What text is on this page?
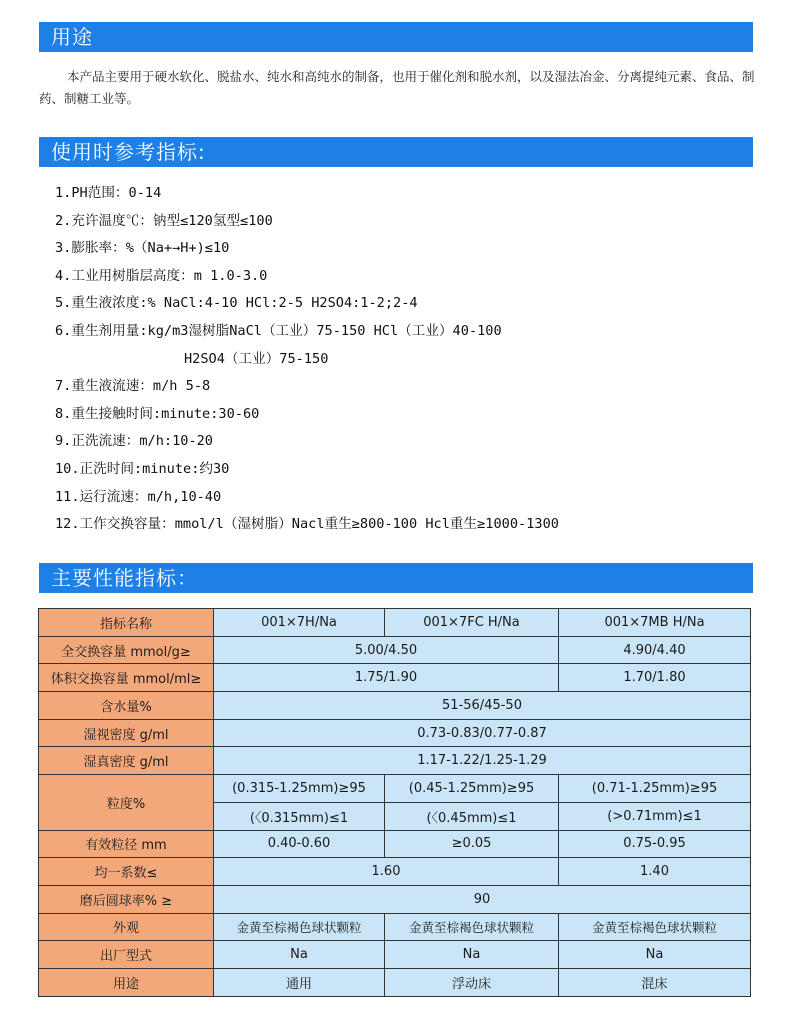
用途

本产品主要用于硬水软化、脱盐水、纯水和高纯水的制备，也用于催化剂和脱水剂，以及湿法冶金、分离提纯元素、食品、制药、制糖工业等。

使用时参考指标:
1.PH范围：0-14
2.充许温度℃：钠型≤120氢型≤100
3.膨胀率：%（Na+→H+)≤10
4.工业用树脂层高度：m 1.0-3.0
5.重生液浓度:% NaCl:4-10 HCl:2-5 H2SO4:1-2;2-4
6.重生剂用量:kg/m3湿树脂NaCl（工业）75-150 HCl（工业）40-100
H2SO4（工业）75-150
7.重生液流速：m/h 5-8
8.重生接触时间:minute:30-60
9.正洗流速：m/h:10-20
10.正洗时间:minute:约30
11.运行流速：m/h,10-40
12.工作交换容量：mmol/l（湿树脂）Nacl重生≥800-100 Hcl重生≥1000-1300
主要性能指标：
指标名称	001×7H/Na	001×7FC H/Na	001×7MB H/Na
全交换容量 mmol/g≥	5.00/4.50		4.90/4.40
体积交换容量 mmol/ml≥	1.75/1.90		1.70/1.80
含水量%	51-56/45-50		
湿视密度 g/ml	0.73-0.83/0.77-0.87		
湿真密度 g/ml	1.17-1.22/1.25-1.29		
粒度%	(0.315-1.25mm)≥95	(0.45-1.25mm)≥95	(0.71-1.25mm)≥95
	(〈0.315mm)≤1	(〈0.45mm)≤1	(>0.71mm)≤1
有效粒径 mm	0.40-0.60	≥0.05	0.75-0.95
均一系数≤	1.60		1.40
磨后圆球率% ≥	90		
外观	金黄至棕褐色球状颗粒	金黄至棕褐色球状颗粒	金黄至棕褐色球状颗粒
出厂型式	Na	Na	Na
用途	通用	浮动床	混床
